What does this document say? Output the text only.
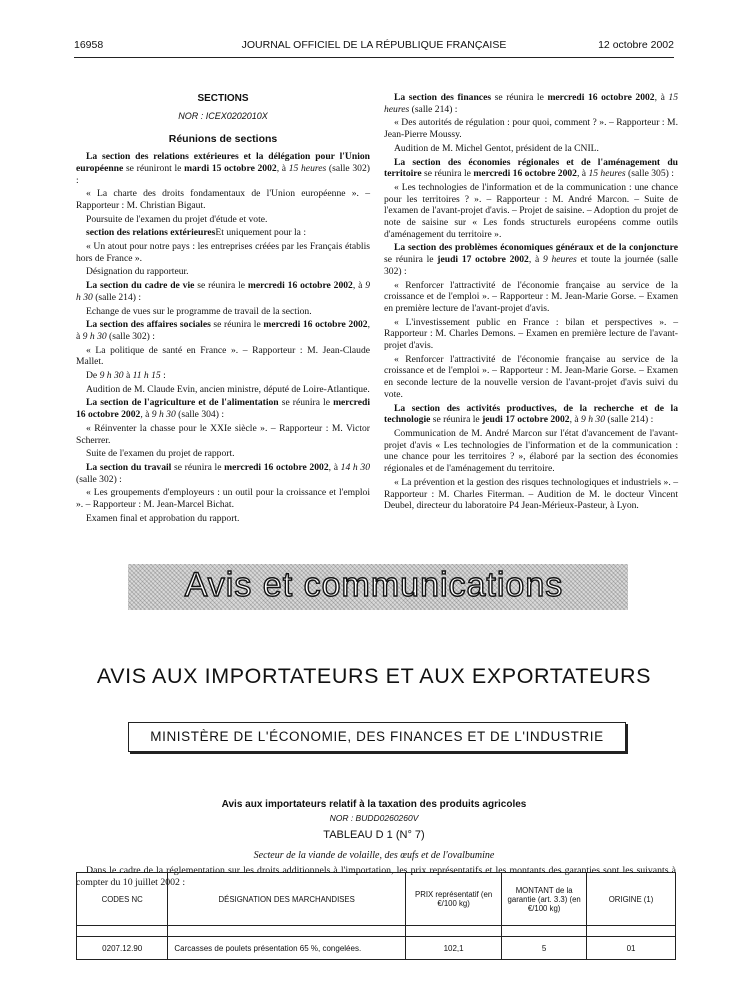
16958	JOURNAL OFFICIEL DE LA RÉPUBLIQUE FRANÇAISE	12 octobre 2002
SECTIONS
NOR : ICEX0202010X
Réunions de sections

La section des relations extérieures et la délégation pour l'Union européenne se réuniront le mardi 15 octobre 2002, à 15 heures (salle 302) :

« La charte des droits fondamentaux de l'Union européenne ». – Rapporteur : M. Christian Bigaut.

Poursuite de l'examen du projet d'étude et vote.

section des relations extérieuresEt uniquement pour la :

« Un atout pour notre pays : les entreprises créées par les Français établis hors de France ».

Désignation du rapporteur.

La section du cadre de vie se réunira le mercredi 16 octobre 2002, à 9 h 30 (salle 214) :

Echange de vues sur le programme de travail de la section.

La section des affaires sociales se réunira le mercredi 16 octobre 2002, à 9 h 30 (salle 302) :

« La politique de santé en France ». – Rapporteur : M. Jean-Claude Mallet.

De 9 h 30 à 11 h 15 :

Audition de M. Claude Evin, ancien ministre, député de Loire-Atlantique.

La section de l'agriculture et de l'alimentation se réunira le mercredi 16 octobre 2002, à 9 h 30 (salle 304) :

« Réinventer la chasse pour le XXIe siècle ». – Rapporteur : M. Victor Scherrer.

Suite de l'examen du projet de rapport.

La section du travail se réunira le mercredi 16 octobre 2002, à 14 h 30 (salle 302) :

« Les groupements d'employeurs : un outil pour la croissance et l'emploi ». – Rapporteur : M. Jean-Marcel Bichat.

Examen final et approbation du rapport.

La section des finances se réunira le mercredi 16 octobre 2002, à 15 heures (salle 214) :

« Des autorités de régulation : pour quoi, comment ? ». – Rapporteur : M. Jean-Pierre Moussy.

Audition de M. Michel Gentot, président de la CNIL.

La section des économies régionales et de l'aménagement du territoire se réunira le mercredi 16 octobre 2002, à 15 heures (salle 305) :

« Les technologies de l'information et de la communication : une chance pour les territoires ? ». – Rapporteur : M. André Marcon. – Suite de l'examen de l'avant-projet d'avis. – Projet de saisine. – Adoption du projet de note de saisine sur « Les fonds structurels européens comme outils d'aménagement du territoire ».

La section des problèmes économiques généraux et de la conjoncture se réunira le jeudi 17 octobre 2002, à 9 heures et toute la journée (salle 302) :

« Renforcer l'attractivité de l'économie française au service de la croissance et de l'emploi ». – Rapporteur : M. Jean-Marie Gorse. – Examen en première lecture de l'avant-projet d'avis.

« L'investissement public en France : bilan et perspectives ». – Rapporteur : M. Charles Demons. – Examen en première lecture de l'avant-projet d'avis.

« Renforcer l'attractivité de l'économie française au service de la croissance et de l'emploi ». – Rapporteur : M. Jean-Marie Gorse. – Examen en seconde lecture de la nouvelle version de l'avant-projet d'avis suivi du vote.

La section des activités productives, de la recherche et de la technologie se réunira le jeudi 17 octobre 2002, à 9 h 30 (salle 214) :

Communication de M. André Marcon sur l'état d'avancement de l'avant-projet d'avis « Les technologies de l'information et de la communication : une chance pour les territoires ? », élaboré par la section des économies régionales et de l'aménagement du territoire.

« La prévention et la gestion des risques technologiques et industriels ». – Rapporteur : M. Charles Fiterman. – Audition de M. le docteur Vincent Deubel, directeur du laboratoire P4 Jean-Mérieux-Pasteur, à Lyon.

Avis et communications
AVIS AUX IMPORTATEURS ET AUX EXPORTATEURS
MINISTÈRE DE L'ÉCONOMIE, DES FINANCES ET DE L'INDUSTRIE
Avis aux importateurs relatif à la taxation des produits agricoles
NOR : BUDD0260260V
TABLEAU D 1 (N° 7)
Secteur de la viande de volaille, des œufs et de l'ovalbumine
Dans le cadre de la réglementation sur les droits additionnels à l'importation, les prix représentatifs et les montants des garanties sont les suivants à compter du 10 juillet 2002 :
CODES NC	DÉSIGNATION DES MARCHANDISES	PRIX représentatif (en €/100 kg)	MONTANT de la garantie (art. 3.3) (en €/100 kg)	ORIGINE (1)

0207.12.90	Carcasses de poulets présentation 65 %, congelées.	102,1	5	01
